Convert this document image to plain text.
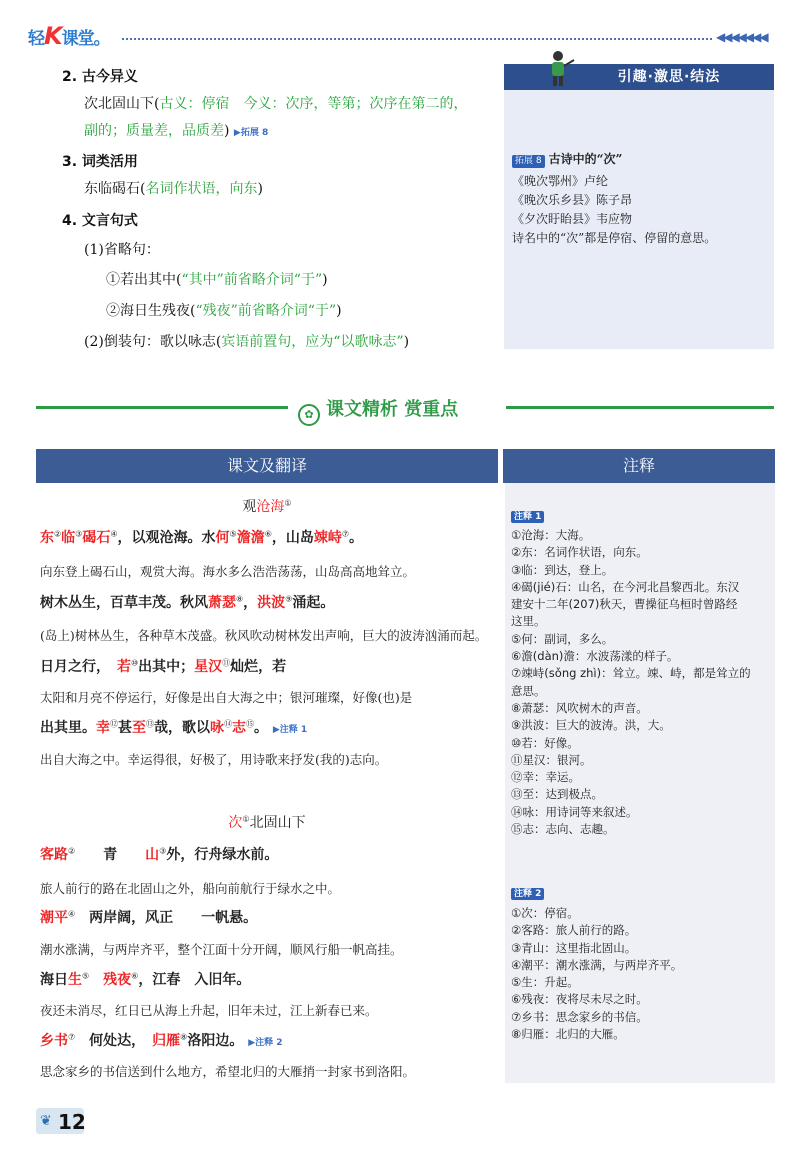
轻K课堂。	◀◀◀◀◀◀◀
2. 古今异义
次北固山下(古义：停宿　今义：次序，等第；次序在第二的，
副的；质量差，品质差) ▶拓展 8
3. 词类活用
东临碣石(名词作状语，向东)
4. 文言句式
(1)省略句：
①若出其中(“其中”前省略介词“于”)
②海日生残夜(“残夜”前省略介词“于”)
(2)倒装句：歌以咏志(宾语前置句，应为“以歌咏志”)
引趣·激思·结法
拓展 8 古诗中的“次”
《晚次鄂州》卢纶
《晚次乐乡县》陈子昂
《夕次盱眙县》韦应物
诗名中的“次”都是停宿、停留的意思。
✿ 课文精析 赏重点
课文及翻译	注释
观沧海①
东②临③碣石④，以观沧海。水何⑤澹澹⑥，山岛竦峙⑦。
向东登上碣石山，观赏大海。海水多么浩浩荡荡，山岛高高地耸立。
树木丛生，百草丰茂。秋风萧瑟⑧，洪波⑨涌起。
(岛上)树林丛生，各种草木茂盛。秋风吹动树林发出声响，巨大的波涛汹涌而起。
日月之行，　若⑩出其中；星汉⑪灿烂，若
太阳和月亮不停运行，好像是出自大海之中；银河璀璨，好像(也)是
出其里。幸⑫甚至⑬哉，歌以咏⑭志⑮。 ▶注释 1
出自大海之中。幸运得很，好极了，用诗歌来抒发(我的)志向。
次①北固山下
客路②　　青　　山③外，行舟绿水前。
旅人前行的路在北固山之外，船向前航行于绿水之中。
潮平④　两岸阔，风正　　一帆悬。
潮水涨满，与两岸齐平，整个江面十分开阔，顺风行船一帆高挂。
海日生⑤　 残夜⑥，江春　入旧年。
夜还未消尽，红日已从海上升起，旧年未过，江上新春已来。
乡书⑦　何处达，　归雁⑧洛阳边。 ▶注释 2
思念家乡的书信送到什么地方，希望北归的大雁捎一封家书到洛阳。
注释 1
①沧海：大海。
②东：名词作状语，向东。
③临：到达，登上。
④碣(jié)石：山名，在今河北昌黎西北。东汉
建安十二年(207)秋天，曹操征乌桓时曾路经
这里。
⑤何：副词，多么。
⑥澹(dàn)澹：水波荡漾的样子。
⑦竦峙(sǒng zhì)：耸立。竦、峙，都是耸立的
意思。
⑧萧瑟：风吹树木的声音。
⑨洪波：巨大的波涛。洪，大。
⑩若：好像。
⑪星汉：银河。
⑫幸：幸运。
⑬至：达到极点。
⑭咏：用诗词等来叙述。
⑮志：志向、志趣。
注释 2
①次：停宿。
②客路：旅人前行的路。
③青山：这里指北固山。
④潮平：潮水涨满，与两岸齐平。
⑤生：升起。
⑥残夜：夜将尽未尽之时。
⑦乡书：思念家乡的书信。
⑧归雁：北归的大雁。
❦ 12
